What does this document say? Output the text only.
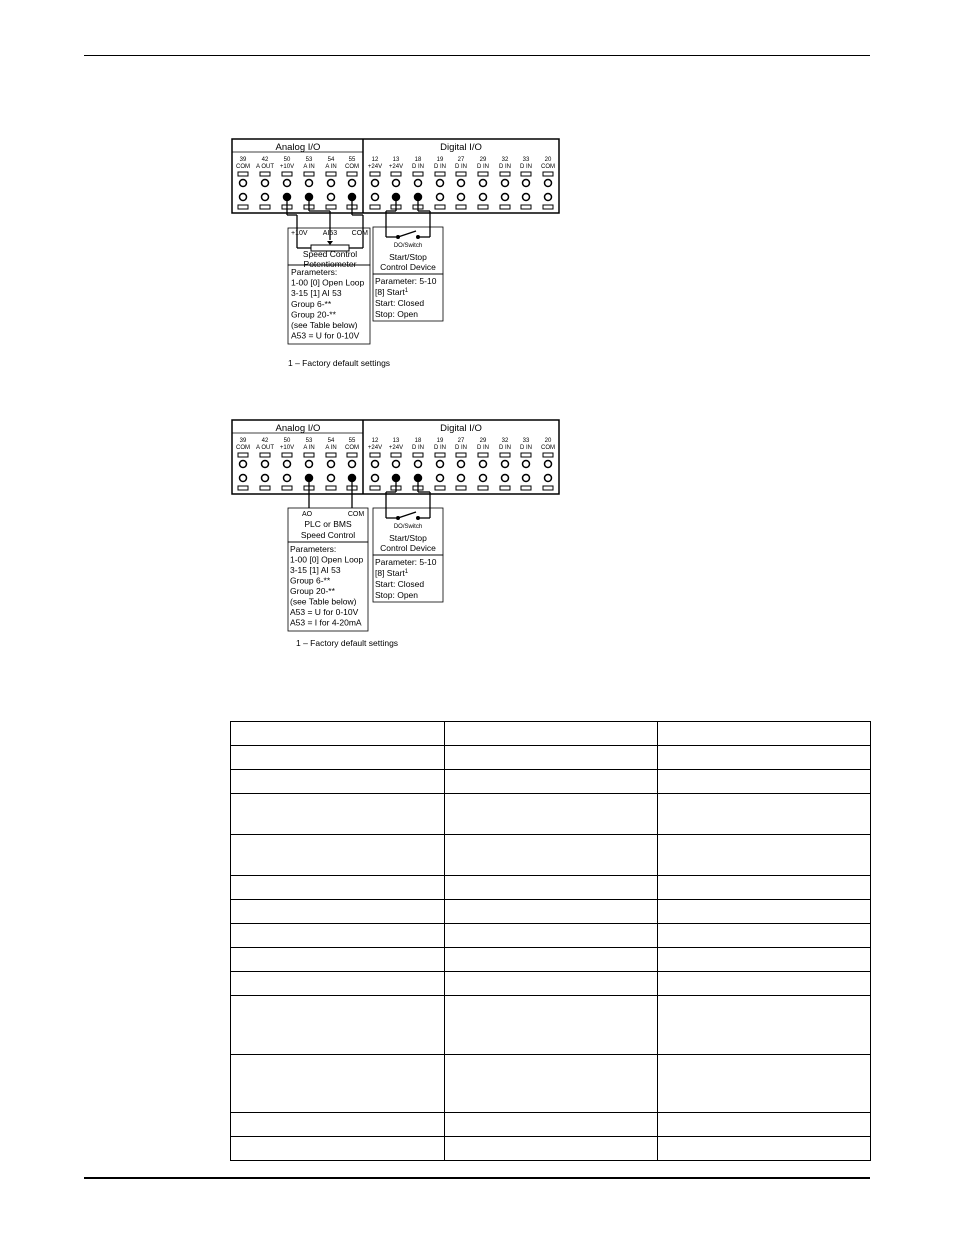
Analog I/O	Digital I/O
39
COM
42
A OUT
50
+10V
53
A IN
54
A IN
55
COM
12
+24V
13
+24V
18
D IN
19
D IN
27
D IN
29
D IN
32
D IN
33
D IN
20
COM
+10V AI53 COM
Speed Control
Potentiometer
Parameters:
1-00 [0] Open Loop
3-15 [1] AI 53
Group 6-**
Group 20-**
(see Table below)
A53 = U for 0-10V
1 – Factory default settings
DO/Switch
Start/Stop
Control Device
Parameter: 5-10
[8] Start$^1$
Start: Closed
Stop: Open
Analog I/O	Digital I/O
39
COM
42
A OUT
50
+10V
53
A IN
54
A IN
55
COM
12
+24V
13
+24V
18
D IN
19
D IN
27
D IN
29
D IN
32
D IN
33
D IN
20
COM
AO	COM
PLC or BMS
Speed Control
Parameters:
1-00 [0] Open Loop
3-15 [1] AI 53
Group 6-**
Group 20-**
(see Table below)
A53 = U for 0-10V
A53 = I for 4-20mA
1 – Factory default settings
DO/Switch
Start/Stop
Control Device
Parameter: 5-10
[8] Start$^1$
Start: Closed
Stop: Open
